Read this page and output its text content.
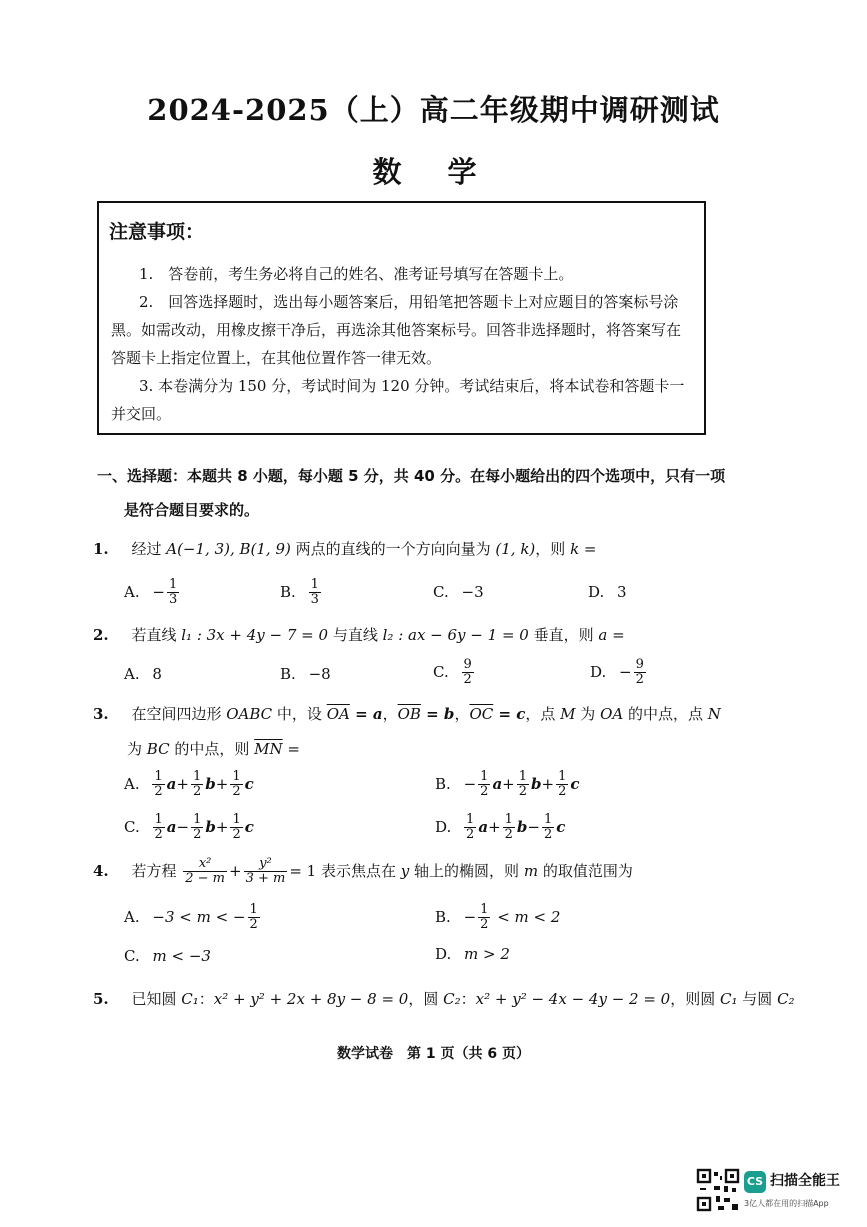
2024-2025（上）高二年级期中调研测试
数 学
注意事项：
1.　答卷前，考生务必将自己的姓名、准考证号填写在答题卡上。
2.　回答选择题时，选出每小题答案后，用铅笔把答题卡上对应题目的答案标号涂
黑。如需改动，用橡皮擦干净后，再选涂其他答案标号。回答非选择题时，将答案写在
答题卡上指定位置上，在其他位置作答一律无效。
3. 本卷满分为 150 分，考试时间为 120 分钟。考试结束后，将本试卷和答题卡一
并交回。
一、选择题：本题共 8 小题，每小题 5 分，共 40 分。在每小题给出的四个选项中，只有一项
是符合题目要求的。
1. 经过 A(−1, 3), B(1, 9) 两点的直线的一个方向向量为 (1, k)，则 k =
A. − $\frac{1}{3}$	B. $\frac{1}{3}$	C. −3	D. 3
2. 若直线 l₁ : 3x + 4y − 7 = 0 与直线 l₂ : ax − 6y − 1 = 0 垂直，则 a =
A. 8	B. −8	C. $\frac{9}{2}$	D. − $\frac{9}{2}$
3. 在空间四边形 OABC 中，设 $\overline{OA} = a$，$\overline{OB} = b$，$\overline{OC} = c$，点 M 为 OA 的中点，点 N
为 BC 的中点，则 $\overline{MN}$ =
A. $\frac{1}{2} a+ \frac{1}{2} b+ \frac{1}{2}$ c	B. − $\frac{1}{2} a+ \frac{1}{2} b+ \frac{1}{2}$ c
C. $\frac{1}{2} a- \frac{1}{2} b+ \frac{1}{2}$ c	D. $\frac{1}{2} a+ \frac{1}{2} b- \frac{1}{2}$ c
4. 若方程 $\frac{\text{x²}}{2 - m} + \frac{\text{y²}}{3 + m} = 1$ 表示焦点在 y 轴上的椭圆，则 m 的取值范围为
A. −3 < m < − $\frac{1}{2}$	B. − $\frac{1}{2} < m < 2$
C. m < −3	D. m > 2
5. 已知圆 C₁：x² + y² + 2x + 8y − 8 = 0，圆 C₂：x² + y² − 4x − 4y − 2 = 0，则圆 C₁ 与圆 C₂
数学试卷　第 1 页（共 6 页）
CS 扫描全能王
3亿人都在用的扫描App
